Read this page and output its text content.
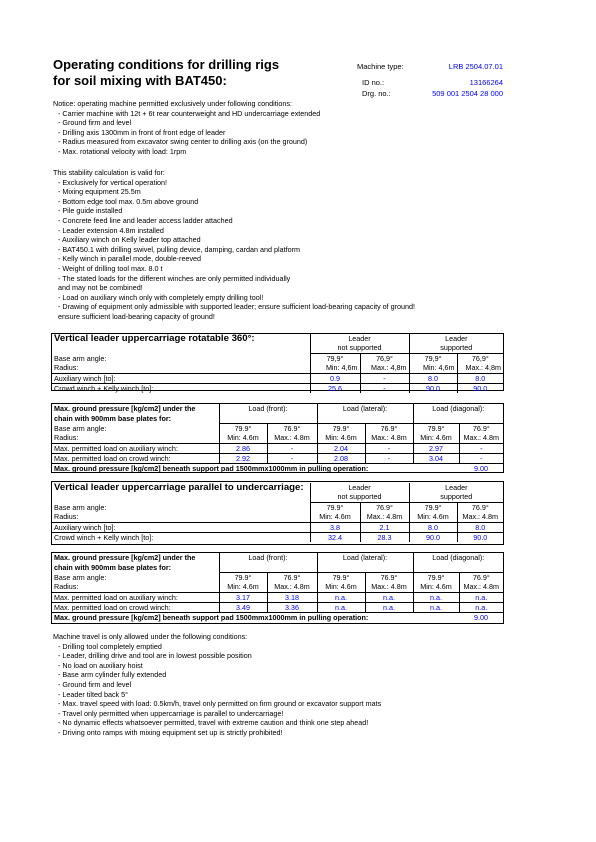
Operating conditions for drilling rigs
for soil mixing with BAT450:
Machine type:	LRB 2504.07.01
ID no.:	13166264
Drg. no.:	509 001 2504 28 000
Notice: operating machine permitted exclusively under following conditions:
- Carrier machine with 12t + 6t rear counterweight and HD undercarriage extended
- Ground firm and level
- Drilling axis 1300mm in front of front edge of leader
- Radius measured from excavator swing center to drilling axis (on the ground)
- Max. rotational velocity with load: 1rpm
This stability calculation is valid for:
- Exclusively for vertical operation!
- Mixing equipment 25.5m
- Bottom edge tool max. 0.5m above ground
- Pile guide installed
- Concrete feed line and leader access ladder attached
- Leader extension 4.8m installed
- Auxiliary winch on Kelly leader top attached
- BAT450.1 with drilling swivel, pulling device, damping, cardan and platform
- Kelly winch in parallel mode, double-reeved
- Weight of drilling tool max. 8.0 t
- The stated loads for the different winches are only permitted individually
and may not be combined!
- Load on auxiliary winch only with completely empty drilling tool!
- Drawing of equipment only admissible with supported leader; ensure sufficient load-bearing capacity of ground!
ensure sufficient load-bearing capacity of ground!
Vertical leader uppercarriage rotatable 360°:	Leader		Leader	
	not supported		supported	
Base arm angle:	79,9°	76,9°	79,9°	76,9°
Radius:	Min: 4,6m	Max.: 4,8m	Min: 4,6m	Max.: 4,8m
Auxiliary winch [to]:	0.9	-	8.0	8.0
Crowd winch + Kelly winch [to]:	25.6	-	90.0	90.0
Max. ground pressure [kg/cm2] under the	Load (front):		Load (lateral):		Load (diagonal):	
chain with 900mm base plates for:						
Base arm angle:	79.9°	76.9°	79.9°	76.9°	79.9°	76.9°
Radius:	Min: 4.6m	Max.: 4.8m	Min: 4.6m	Max.: 4.8m	Min: 4.6m	Max.: 4.8m
Max. permitted load on auxiliary winch:	2.86	-	2.04	-	2.97	-
Max. permitted load on crowd winch:	2.92	-	2.08	-	3.04	-
Max. ground pressure [kg/cm2] beneath support pad 1500mmx1000mm in pulling operation:						9.00
Vertical leader uppercarriage parallel to undercarriage:	Leader		Leader	
	not supported		supported	
Base arm angle:	79.9°	76.9°	79.9°	76.9°
Radius:	Min: 4.6m	Max.: 4.8m	Min: 4.6m	Max.: 4.8m
Auxiliary winch [to]:	3.8	2.1	8.0	8.0
Crowd winch + Kelly winch [to]:	32.4	28.3	90.0	90.0
Max. ground pressure [kg/cm2] under the	Load (front):		Load (lateral):		Load (diagonal):	
chain with 900mm base plates for:						
Base arm angle:	79.9°	76.9°	79.9°	76.9°	79.9°	76.9°
Radius:	Min: 4.6m	Max.: 4.8m	Min: 4.6m	Max.: 4.8m	Min: 4.6m	Max.: 4.8m
Max. permitted load on auxiliary winch:	3.17	3.18	n.a.	n.a.	n.a.	n.a.
Max. permitted load on crowd winch:	3.49	3.36	n.a.	n.a.	n.a.	n.a.
Max. ground pressure [kg/cm2] beneath support pad 1500mmx1000mm in pulling operation:						9.00
Machine travel is only allowed under the following conditions:
- Drilling tool completely emptied
- Leader, drilling drive and tool are in lowest possible position
- No load on auxiliary hoist
- Base arm cylinder fully extended
- Ground firm and level
- Leader tilted back 5°
- Max. travel speed with load: 0.5km/h, travel only permitted on firm ground or excavator support mats
- Travel only permitted when uppercarriage is parallel to undercarriage!
- No dynamic effects whatsoever permitted, travel with extreme caution and think one step ahead!
- Driving onto ramps with mixing equipment set up is strictly prohibited!
